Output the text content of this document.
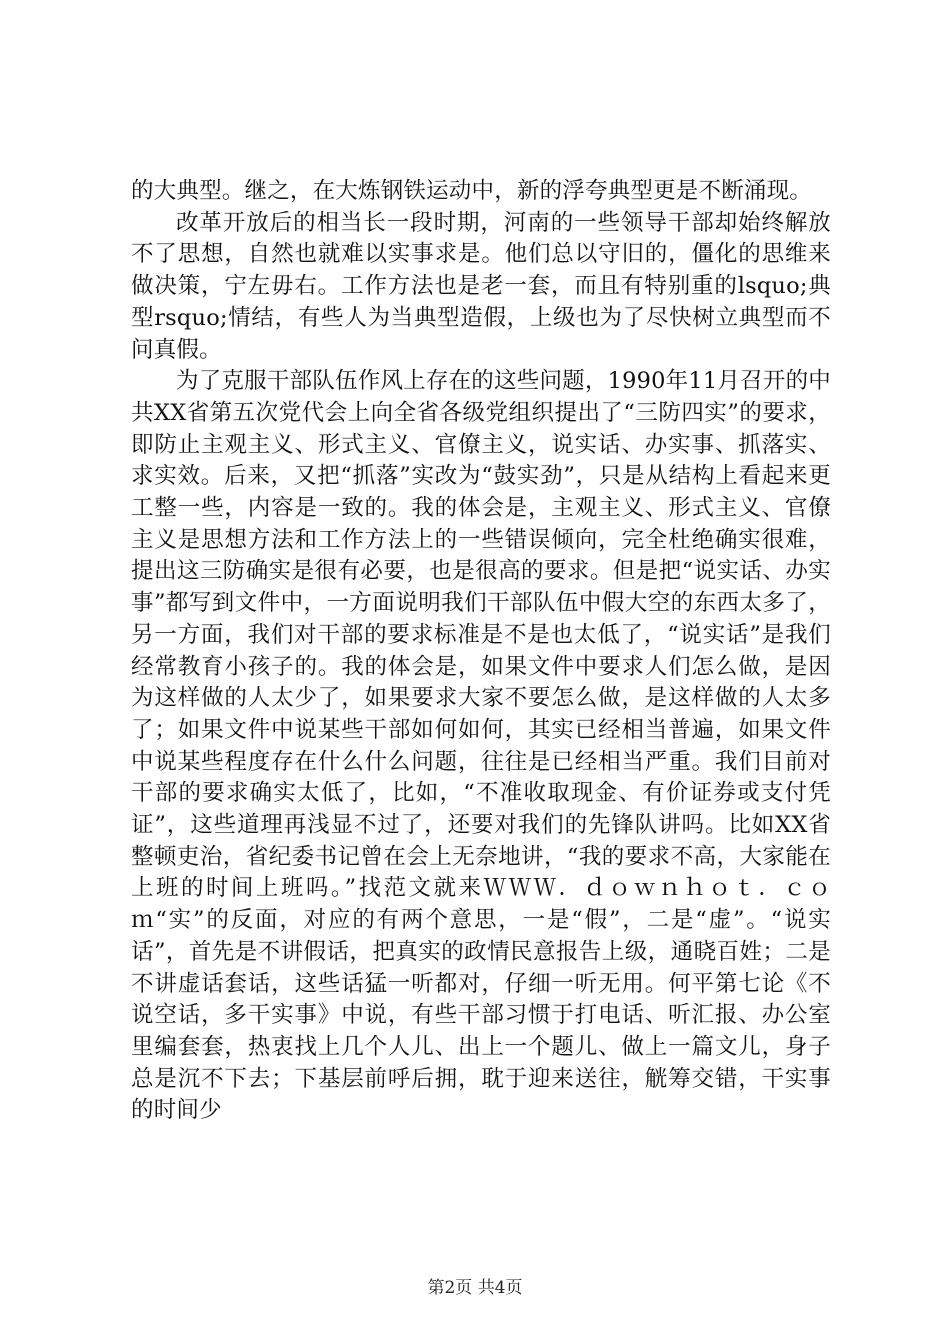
的大典型。继之，在大炼钢铁运动中，新的浮夸典型更是不断涌现。

改革开放后的相当长一段时期，河南的一些领导干部却始终解放不了思想，自然也就难以实事求是。他们总以守旧的，僵化的思维来做决策，宁左毋右。工作方法也是老一套，而且有特别重的lsquo;典型rsquo;情结，有些人为当典型造假，上级也为了尽快树立典型而不问真假。

为了克服干部队伍作风上存在的这些问题，1990年11月召开的中共XX省第五次党代会上向全省各级党组织提出了“三防四实”的要求，即防止主观主义、形式主义、官僚主义，说实话、办实事、抓落实、求实效。后来，又把“抓落”实改为“鼓实劲”，只是从结构上看起来更工整一些，内容是一致的。我的体会是，主观主义、形式主义、官僚主义是思想方法和工作方法上的一些错误倾向，完全杜绝确实很难，提出这三防确实是很有必要，也是很高的要求。但是把“说实话、办实事”都写到文件中，一方面说明我们干部队伍中假大空的东西太多了，另一方面，我们对干部的要求标准是不是也太低了，“说实话”是我们经常教育小孩子的。我的体会是，如果文件中要求人们怎么做，是因为这样做的人太少了，如果要求大家不要怎么做，是这样做的人太多了；如果文件中说某些干部如何如何，其实已经相当普遍，如果文件中说某些程度存在什么什么问题，往往是已经相当严重。我们目前对干部的要求确实太低了，比如，“不准收取现金、有价证券或支付凭证”，这些道理再浅显不过了，还要对我们的先锋队讲吗。比如XX省整顿吏治，省纪委书记曾在会上无奈地讲，“我的要求不高，大家能在上班的时间上班吗。”找范文就来ＷＷＷ．ｄｏｗｎｈｏｔ．ｃｏｍ“实”的反面，对应的有两个意思，一是“假”，二是“虚”。“说实话”，首先是不讲假话，把真实的政情民意报告上级，通晓百姓；二是不讲虚话套话，这些话猛一听都对，仔细一听无用。何平第七论《不说空话，多干实事》中说，有些干部习惯于打电话、听汇报、办公室里编套套，热衷找上几个人儿、出上一个题儿、做上一篇文儿，身子总是沉不下去；下基层前呼后拥，耽于迎来送往，觥筹交错，干实事的时间少

第2页 共4页
